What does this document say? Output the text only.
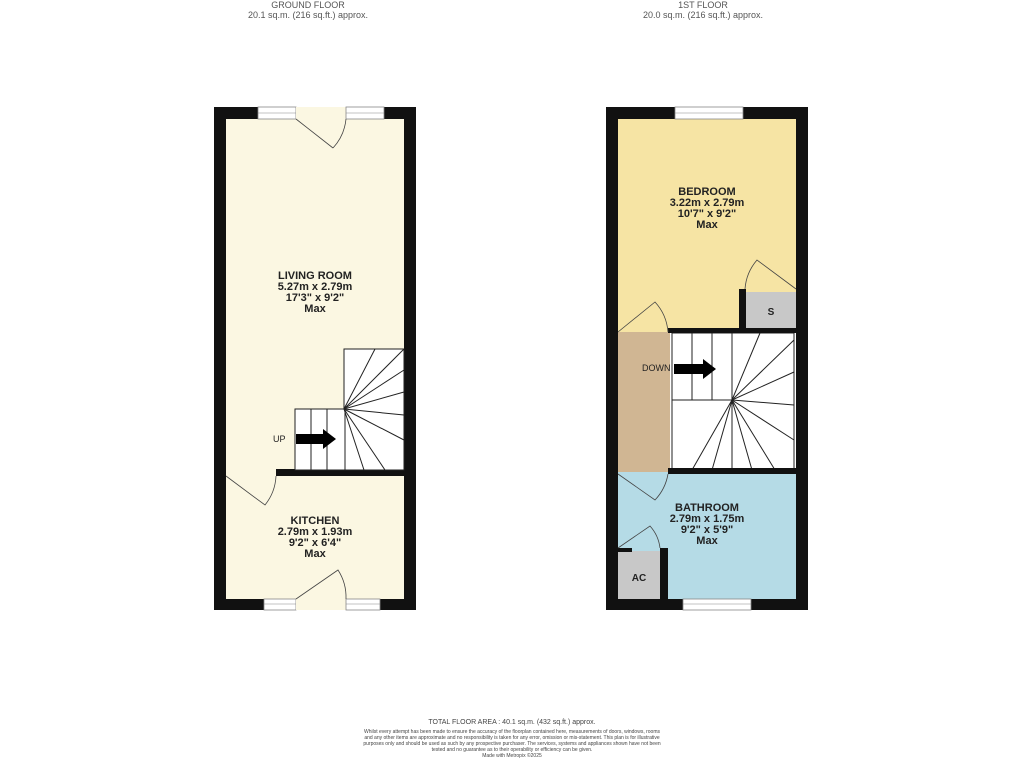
GROUND FLOOR
20.1 sq.m. (216 sq.ft.) approx.
1ST FLOOR
20.0 sq.m. (216 sq.ft.) approx.
LIVING ROOM
5.27m x 2.79m
17'3" x 9'2"
Max
KITCHEN
2.79m x 1.93m
9'2" x 6'4"
Max
UP
BEDROOM
3.22m x 2.79m
10'7" x 9'2"
Max
BATHROOM
2.79m x 1.75m
9'2" x 5'9"
Max
DOWN
S
AC
TOTAL FLOOR AREA : 40.1 sq.m. (432 sq.ft.) approx.
Whilst every attempt has been made to ensure the accuracy of the floorplan contained here, measurements of doors, windows, rooms and any other items are approximate and no responsibility is taken for any error, omission or mis-statement. This plan is for illustrative purposes only and should be used as such by any prospective purchaser. The services, systems and appliances shown have not been tested and no guarantee as to their operability or efficiency can be given.
Made with Metropix ©2025
